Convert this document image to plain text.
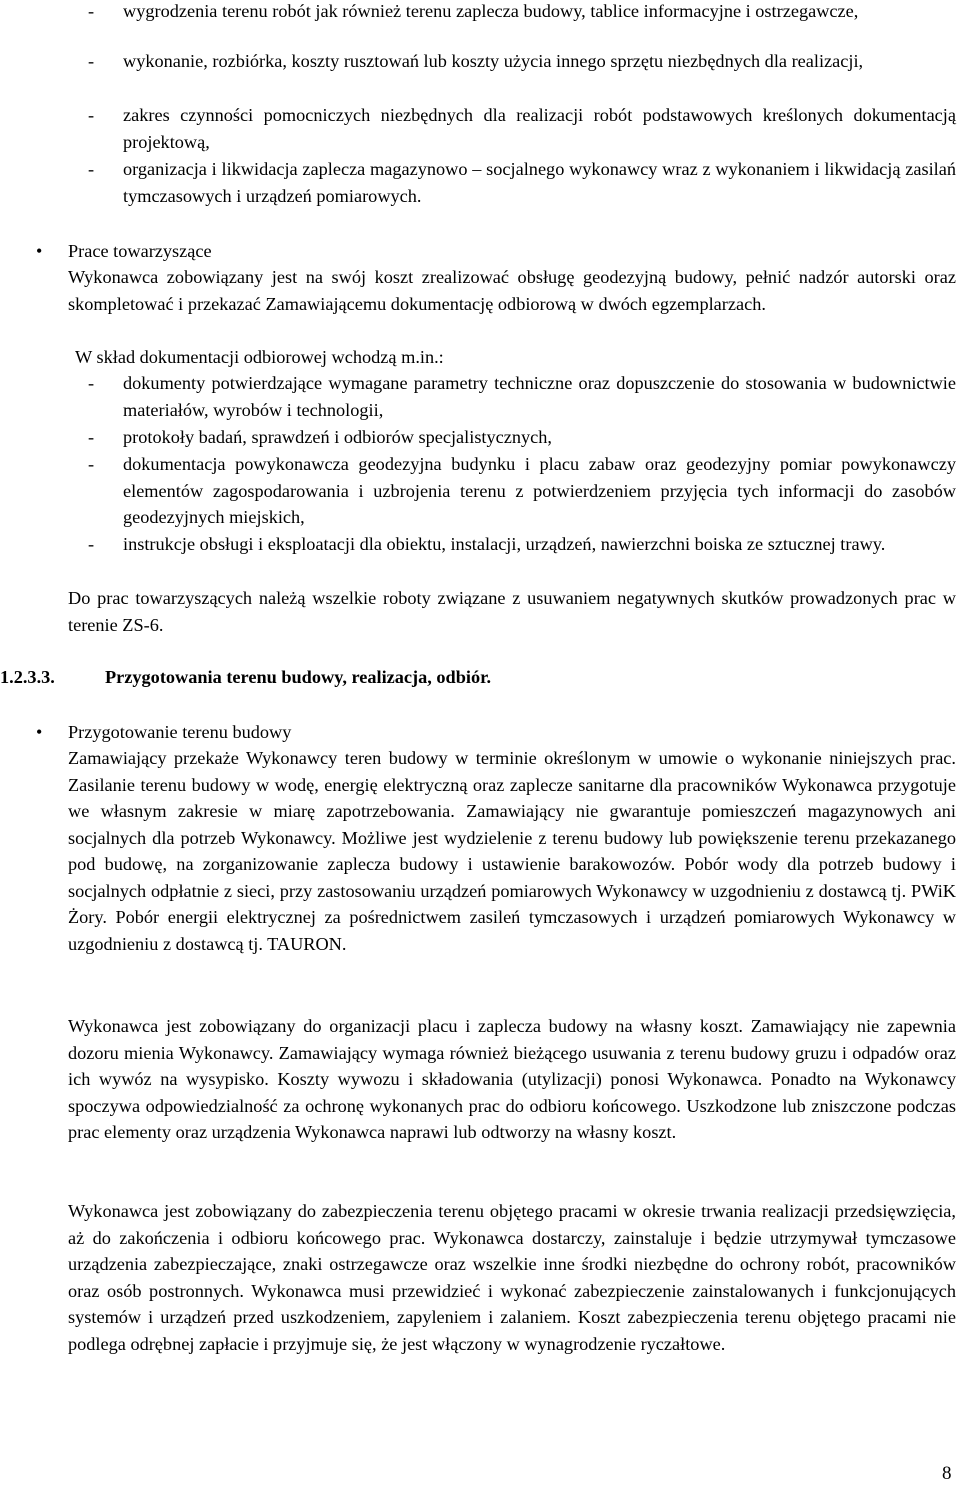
- wygrodzenia terenu robót jak również terenu zaplecza budowy, tablice informacyjne i ostrzegawcze,
- wykonanie, rozbiórka, koszty rusztowań lub koszty użycia innego sprzętu niezbędnych dla realizacji,
- zakres czynności pomocniczych niezbędnych dla realizacji robót podstawowych kreślonych dokumentacją projektową,
- organizacja i likwidacja zaplecza magazynowo – socjalnego wykonawcy wraz z wykonaniem i likwidacją zasilań tymczasowych i urządzeń pomiarowych.
• Prace towarzyszące
Wykonawca zobowiązany jest na swój koszt zrealizować obsługę geodezyjną budowy, pełnić nadzór autorski oraz skompletować i przekazać Zamawiającemu dokumentację odbiorową w dwóch egzemplarzach.
W skład dokumentacji odbiorowej wchodzą m.in.:
- dokumenty potwierdzające wymagane parametry techniczne oraz dopuszczenie do stosowania w budownictwie materiałów, wyrobów i technologii,
- protokoły badań, sprawdzeń i odbiorów specjalistycznych,
- dokumentacja powykonawcza geodezyjna budynku i placu zabaw oraz geodezyjny pomiar powykonawczy elementów zagospodarowania i uzbrojenia terenu z potwierdzeniem przyjęcia tych informacji do zasobów geodezyjnych miejskich,
- instrukcje obsługi i eksploatacji dla obiektu, instalacji, urządzeń, nawierzchni boiska ze sztucznej trawy.
Do prac towarzyszących należą wszelkie roboty związane z usuwaniem negatywnych skutków prowadzonych prac w terenie ZS-6.
1.2.3.3.	Przygotowania terenu budowy, realizacja, odbiór.
• Przygotowanie terenu budowy
Zamawiający przekaże Wykonawcy teren budowy w terminie określonym w umowie o wykonanie niniejszych prac. Zasilanie terenu budowy w wodę, energię elektryczną oraz zaplecze sanitarne dla pracowników Wykonawca przygotuje we własnym zakresie w miarę zapotrzebowania. Zamawiający nie gwarantuje pomieszczeń magazynowych ani socjalnych dla potrzeb Wykonawcy. Możliwe jest wydzielenie z terenu budowy lub powiększenie terenu przekazanego pod budowę, na zorganizowanie zaplecza budowy i ustawienie barakowozów. Pobór wody dla potrzeb budowy i socjalnych odpłatnie z sieci, przy zastosowaniu urządzeń pomiarowych Wykonawcy w uzgodnieniu z dostawcą tj. PWiK Żory. Pobór energii elektrycznej za pośrednictwem zasileń tymczasowych i urządzeń pomiarowych Wykonawcy w uzgodnieniu z dostawcą tj. TAURON.
Wykonawca jest zobowiązany do organizacji placu i zaplecza budowy na własny koszt. Zamawiający nie zapewnia dozoru mienia Wykonawcy. Zamawiający wymaga również bieżącego usuwania z terenu budowy gruzu i odpadów oraz ich wywóz na wysypisko. Koszty wywozu i składowania (utylizacji) ponosi Wykonawca. Ponadto na Wykonawcy spoczywa odpowiedzialność za ochronę wykonanych prac do odbioru końcowego. Uszkodzone lub zniszczone podczas prac elementy oraz urządzenia Wykonawca naprawi lub odtworzy na własny koszt.
Wykonawca jest zobowiązany do zabezpieczenia terenu objętego pracami w okresie trwania realizacji przedsięwzięcia, aż do zakończenia i odbioru końcowego prac. Wykonawca dostarczy, zainstaluje i będzie utrzymywał tymczasowe urządzenia zabezpieczające, znaki ostrzegawcze oraz wszelkie inne środki niezbędne do ochrony robót, pracowników oraz osób postronnych. Wykonawca musi przewidzieć i wykonać zabezpieczenie zainstalowanych i funkcjonujących systemów i urządzeń przed uszkodzeniem, zapyleniem i zalaniem. Koszt zabezpieczenia terenu objętego pracami nie podlega odrębnej zapłacie i przyjmuje się, że jest włączony w wynagrodzenie ryczałtowe.
8
